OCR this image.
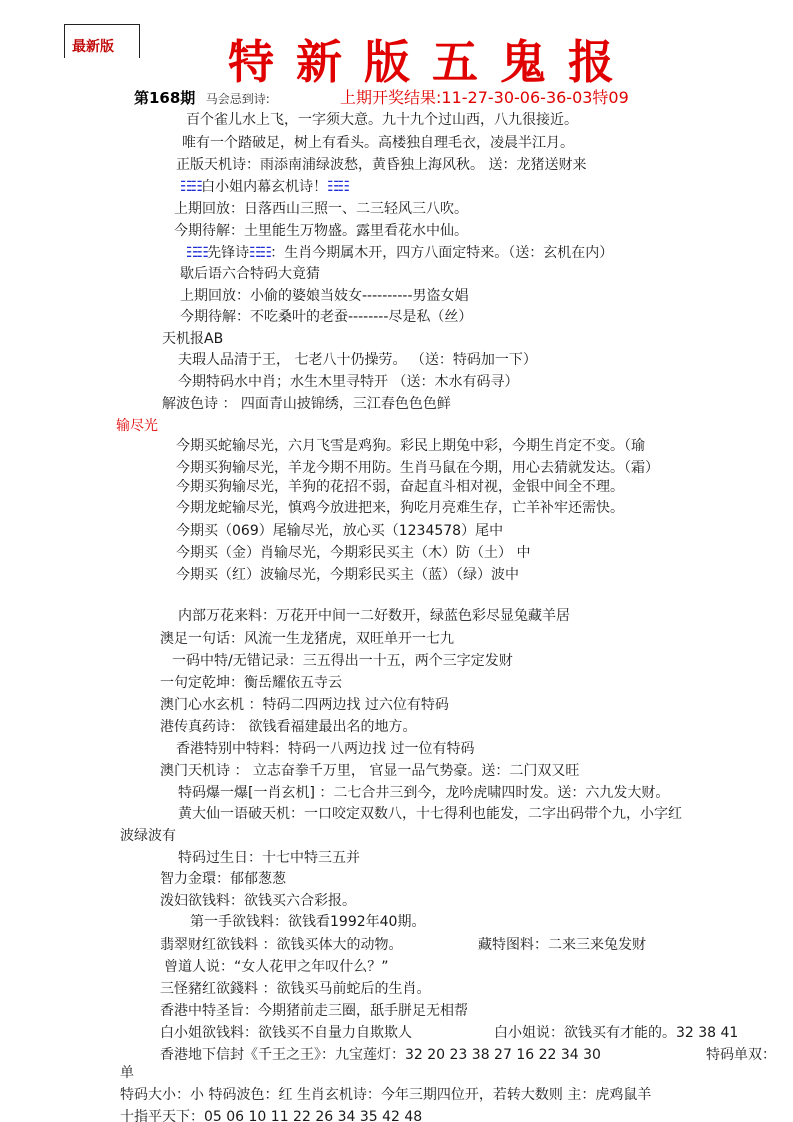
最新版 特新版五鬼报
第168期 马会忌到诗:	上期开奖结果:11-27-30-06-36-03特09
百个雀儿水上飞，一字须大意。九十九个过山西，八九很接近。
唯有一个踏破足，树上有看头。高楼独自理毛衣，凌晨半江月。
正版天机诗：雨添南浦绿波愁，黄昏独上海风秋。 送：龙猪送财来
☷☷白小姐内幕玄机诗！☷☷
上期回放：日落西山三照一、二三轻风三八吹。
今期待解：土里能生万物盛。露里看花水中仙。
☷☷先锋诗☷☷：生肖今期属木开，四方八面定特来。（送：玄机在内）
歇后语六合特码大竟猜
上期回放：小偷的婆娘当妓女----------男盗女娼
今期待解：不吃桑叶的老蚕--------尽是私（丝）
天机报AB
夫瑕人品清于王， 七老八十仍操劳。 （送：特码加一下）
今期特码水中肖；水生木里寻特开 （送：木水有码寻）
解波色诗 ： 四面青山披锦绣，三江春色色色鲜
输尽光
今期买蛇输尽光，六月飞雪是鸡狗。彩民上期兔中彩，今期生肖定不变。（瑜
今期买狗输尽光，羊龙今期不用防。生肖马鼠在今期，用心去猜就发达。（霜）
今期买狗输尽光，羊狗的花招不弱，奋起直斗相对视，金银中间全不理。
今期龙蛇输尽光，慎鸡今放进把来，狗吃月亮难生存，亡羊补牢还需快。
今期买（069）尾输尽光，放心买（1234578）尾中
今期买（金）肖输尽光，今期彩民买主（木）防（土） 中
今期买（红）波输尽光，今期彩民买主（蓝）（绿）波中
内部万花来料：万花开中间一二好数开，绿蓝色彩尽显兔藏羊居
澳足一句话：风流一生龙猪虎，双旺单开一七九
一码中特/无错记录：三五得出一十五，两个三字定发财
一句定乾坤：衡岳耀依五寺云
澳门心水玄机 ：特码二四两边找 过六位有特码
港传真药诗： 欲钱看福建最出名的地方。
香港特别中特料：特码一八两边找 过一位有特码
澳门天机诗 ： 立志奋拳千万里， 官显一品气势豪。送：二门双又旺
特码爆一爆[一肖玄机] ：二七合井三到今，龙吟虎啸四时发。送：六九发大财。
黄大仙一语破天机：一口咬定双数八，十七得利也能发，二字出码带个九，小字红
波绿波有
特码过生日：十七中特三五并
智力金環：郁郁葱葱
泼妇欲钱料：欲钱买六合彩报。
第一手欲钱料：欲钱看1992年40期。
翡翠财红欲钱料 ：欲钱买体大的动物。	藏特图料：二来三来兔发财
曾道人说：“女人花甲之年叹什么？”
三怪豬红欲錢料 ：欲钱买马前蛇后的生肖。
香港中特圣旨：今期猪前走三圈，舐手胼足无相帮
白小姐欲钱料：欲钱买不自量力自欺欺人	白小姐说：欲钱买有才能的。32 38 41
香港地下信封《千王之王》：九宝莲灯：32 20 23 38 27 16 22 34 30	特码单双：
单
特码大小：小 特码波色：红 生肖玄机诗：今年三期四位开，若转大数则 主：虎鸡鼠羊
十指平天下：05 06 10 11 22 26 34 35 42 48
